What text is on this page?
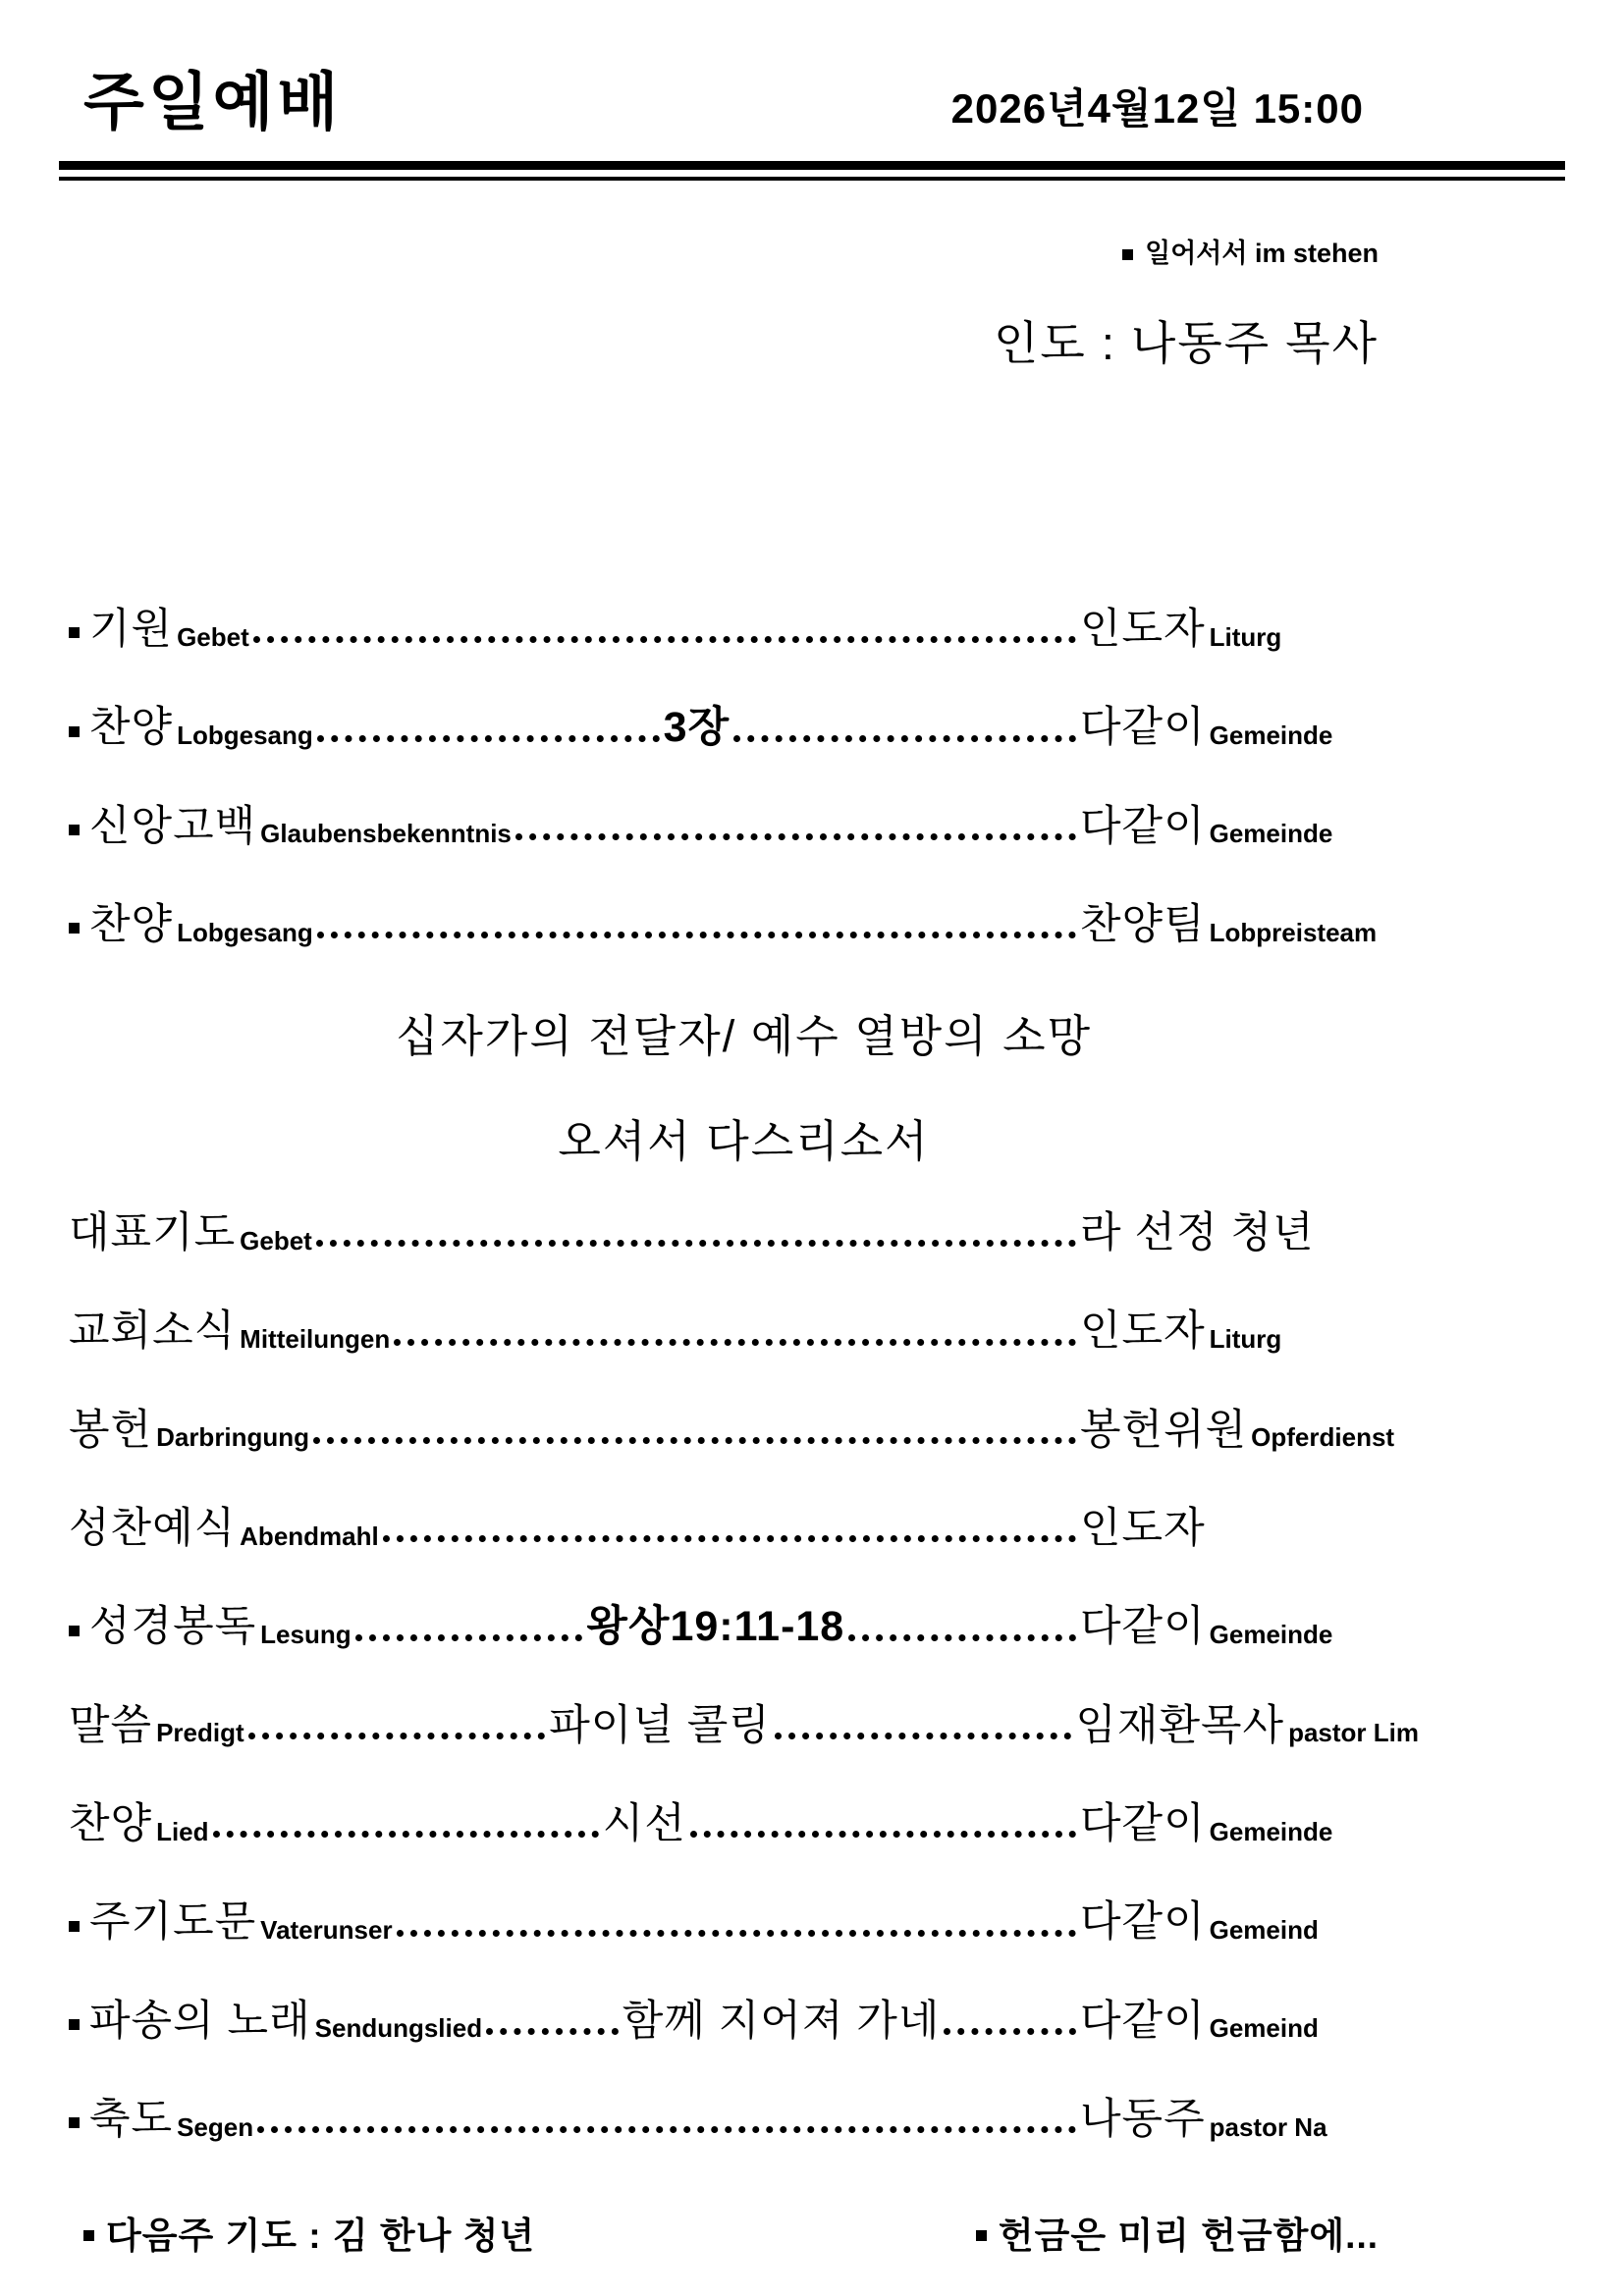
주일예배	2026년4월12일 15:00
일어서서 im stehen
인도 : 나동주 목사
기원 Gebet	인도자 Liturg
찬양 Lobgesang	3장	다같이 Gemeinde
신앙고백 Glaubensbekenntnis	다같이 Gemeinde
찬양 Lobgesang	찬양팀 Lobpreisteam
십자가의 전달자/ 예수 열방의 소망
오셔서 다스리소서
대표기도 Gebet	라 선정 청년
교회소식 Mitteilungen	인도자 Liturg
봉헌 Darbringung	봉헌위원 Opferdienst
성찬예식 Abendmahl	인도자
성경봉독 Lesung	왕상19:11-18	다같이 Gemeinde
말씀 Predigt	파이널 콜링	임재환목사 pastor Lim
찬양 Lied	시선	다같이 Gemeinde
주기도문 Vaterunser	다같이 Gemeind
파송의 노래 Sendungslied	함께 지어져 가네	다같이 Gemeind
축도 Segen	나동주 pastor Na
다음주 기도 : 김 한나 청년	헌금은 미리 헌금함에...
